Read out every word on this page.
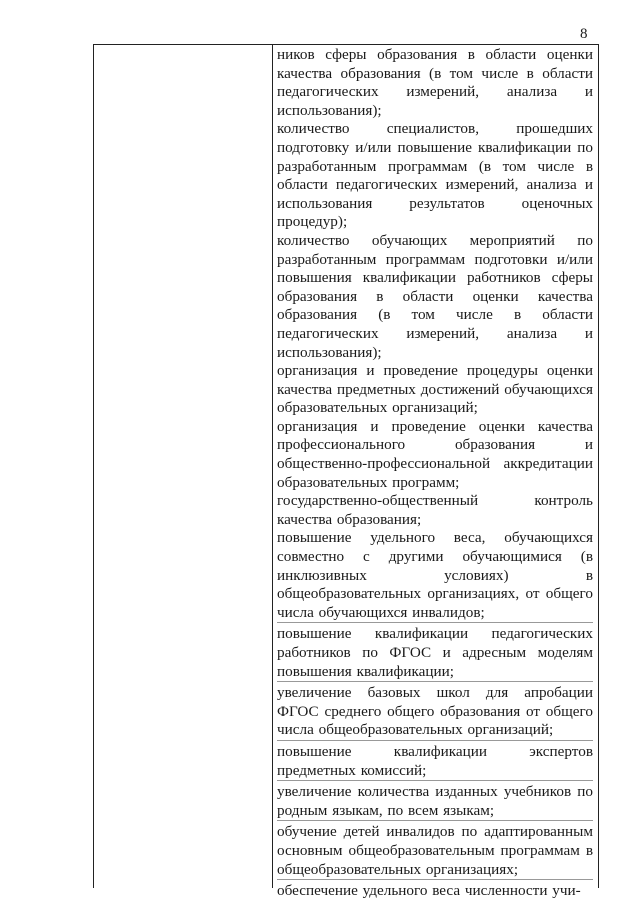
8

ников сферы образования в области оценки качества образования (в том числе в области педагогических измерений, анализа и использования);

количество специалистов, прошедших подготовку и/или повышение квалификации по разработанным программам (в том числе в области педагогических измерений, анализа и использования результатов оценочных процедур);

количество обучающих мероприятий по разработанным программам подготовки и/или повышения квалификации работников сферы образования в области оценки качества образования (в том числе в области педагогических измерений, анализа и использования);

организация и проведение процедуры оценки качества предметных достижений обучающихся образовательных организаций;

организация и проведение оценки качества профессионального образования и общественно-профессиональной аккредитации образовательных программ;

государственно-общественный контроль качества образования;

повышение удельного веса, обучающихся совместно с другими обучающимися (в инклюзивных условиях) в общеобразовательных организациях, от общего числа обучающихся инвалидов;

повышение квалификации педагогических работников по ФГОС и адресным моделям повышения квалификации;

увеличение базовых школ для апробации ФГОС среднего общего образования от общего числа общеобразовательных организаций;

повышение квалификации экспертов предметных комиссий;

увеличение количества изданных учебников по родным языкам, по всем языкам;

обучение детей инвалидов по адаптированным основным общеобразовательным программам в общеобразовательных организациях;

обеспечение удельного веса численности учи-
